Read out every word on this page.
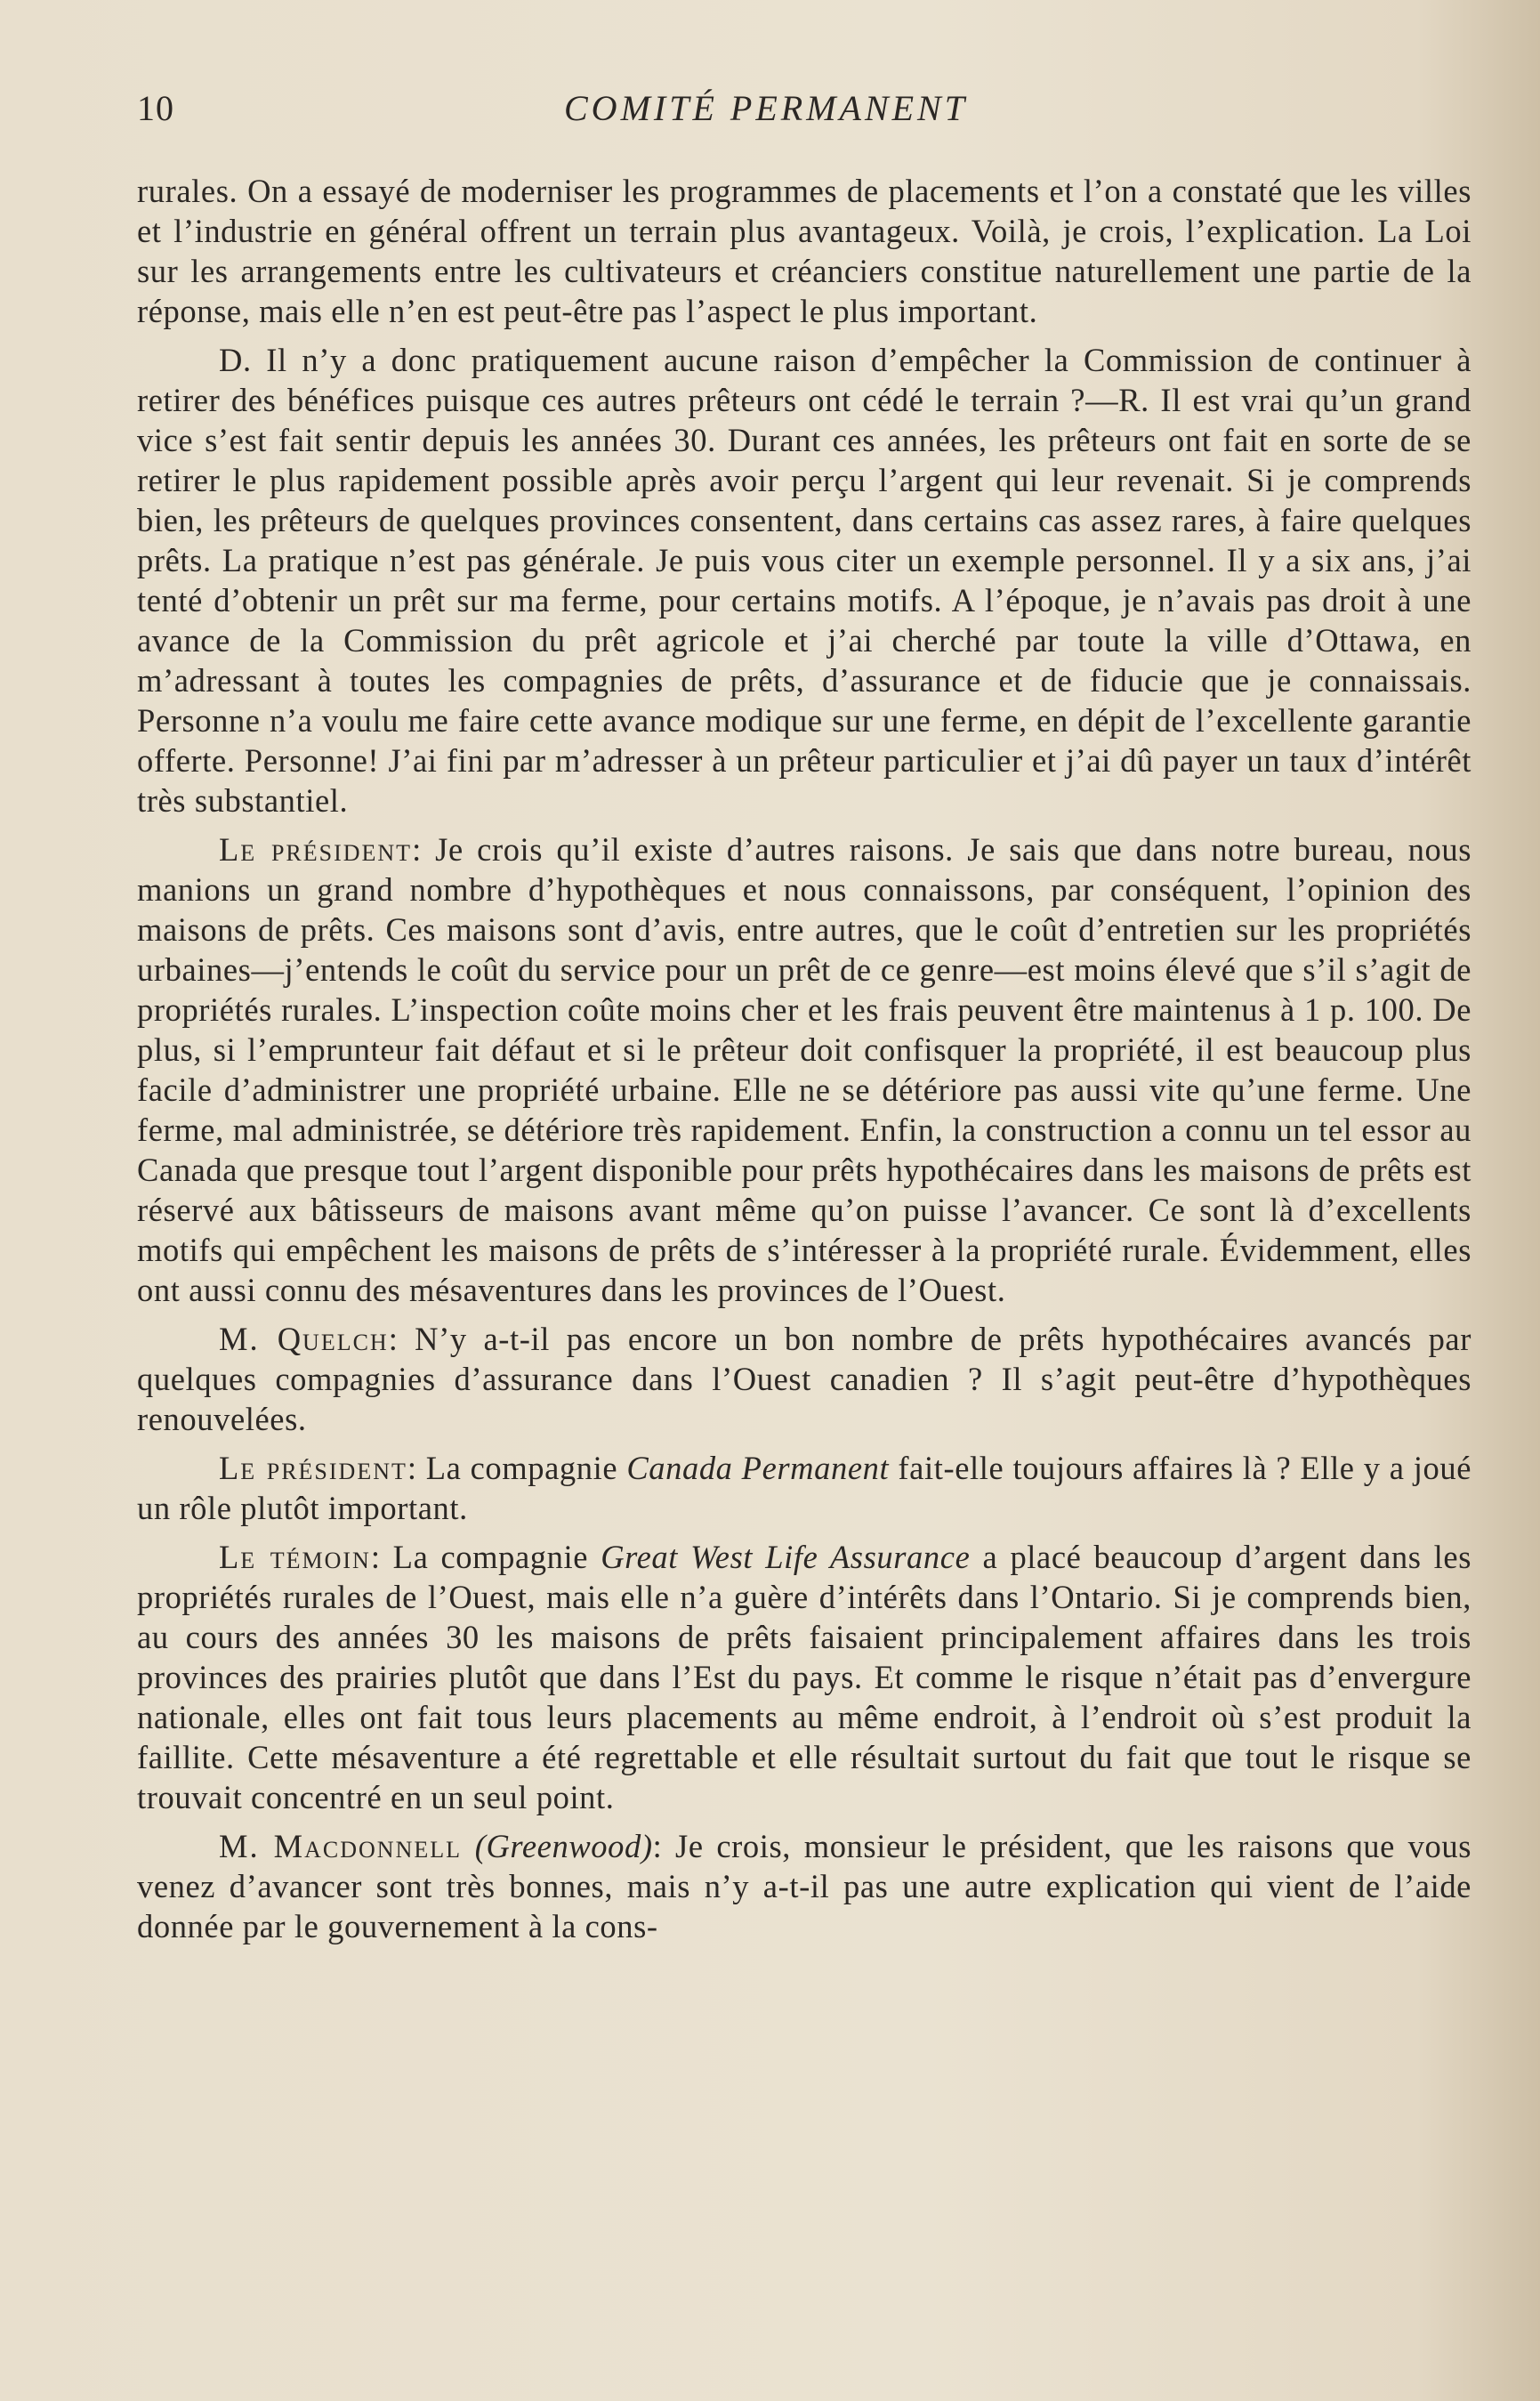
10	COMITÉ PERMANENT

rurales. On a essayé de moderniser les programmes de placements et l’on a constaté que les villes et l’industrie en général offrent un terrain plus avantageux. Voilà, je crois, l’explication. La Loi sur les arrangements entre les cultivateurs et créanciers constitue naturellement une partie de la réponse, mais elle n’en est peut-être pas l’aspect le plus important.

D. Il n’y a donc pratiquement aucune raison d’empêcher la Commission de continuer à retirer des bénéfices puisque ces autres prêteurs ont cédé le terrain ?—R. Il est vrai qu’un grand vice s’est fait sentir depuis les années 30. Durant ces années, les prêteurs ont fait en sorte de se retirer le plus rapidement possible après avoir perçu l’argent qui leur revenait. Si je comprends bien, les prêteurs de quelques provinces consentent, dans certains cas assez rares, à faire quelques prêts. La pratique n’est pas générale. Je puis vous citer un exemple personnel. Il y a six ans, j’ai tenté d’obtenir un prêt sur ma ferme, pour certains motifs. A l’époque, je n’avais pas droit à une avance de la Commission du prêt agricole et j’ai cherché par toute la ville d’Ottawa, en m’adressant à toutes les compagnies de prêts, d’assurance et de fiducie que je connaissais. Personne n’a voulu me faire cette avance modique sur une ferme, en dépit de l’excellente garantie offerte. Personne! J’ai fini par m’adresser à un prêteur particulier et j’ai dû payer un taux d’intérêt très substantiel.

Le président: Je crois qu’il existe d’autres raisons. Je sais que dans notre bureau, nous manions un grand nombre d’hypothèques et nous connaissons, par conséquent, l’opinion des maisons de prêts. Ces maisons sont d’avis, entre autres, que le coût d’entretien sur les propriétés urbaines—j’entends le coût du service pour un prêt de ce genre—est moins élevé que s’il s’agit de propriétés rurales. L’inspection coûte moins cher et les frais peuvent être maintenus à 1 p. 100. De plus, si l’emprunteur fait défaut et si le prêteur doit confisquer la propriété, il est beaucoup plus facile d’administrer une propriété urbaine. Elle ne se détériore pas aussi vite qu’une ferme. Une ferme, mal administrée, se détériore très rapidement. Enfin, la construction a connu un tel essor au Canada que presque tout l’argent disponible pour prêts hypothécaires dans les maisons de prêts est réservé aux bâtisseurs de maisons avant même qu’on puisse l’avancer. Ce sont là d’excellents motifs qui empêchent les maisons de prêts de s’intéresser à la propriété rurale. Évidemment, elles ont aussi connu des mésaventures dans les provinces de l’Ouest.

M. Quelch: N’y a-t-il pas encore un bon nombre de prêts hypothécaires avancés par quelques compagnies d’assurance dans l’Ouest canadien ? Il s’agit peut-être d’hypothèques renouvelées.

Le président: La compagnie Canada Permanent fait-elle toujours affaires là ? Elle y a joué un rôle plutôt important.

Le témoin: La compagnie Great West Life Assurance a placé beaucoup d’argent dans les propriétés rurales de l’Ouest, mais elle n’a guère d’intérêts dans l’Ontario. Si je comprends bien, au cours des années 30 les maisons de prêts faisaient principalement affaires dans les trois provinces des prairies plutôt que dans l’Est du pays. Et comme le risque n’était pas d’envergure nationale, elles ont fait tous leurs placements au même endroit, à l’endroit où s’est produit la faillite. Cette mésaventure a été regrettable et elle résultait surtout du fait que tout le risque se trouvait concentré en un seul point.

M. Macdonnell (Greenwood): Je crois, monsieur le président, que les raisons que vous venez d’avancer sont très bonnes, mais n’y a-t-il pas une autre explication qui vient de l’aide donnée par le gouvernement à la cons-
